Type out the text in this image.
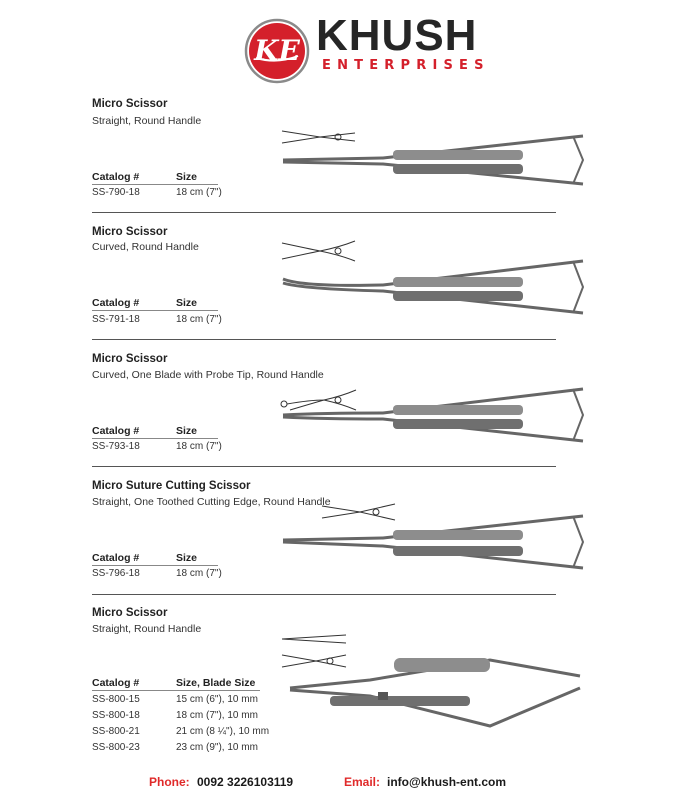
KE KHUSH
ENTERPRISES
Micro Scissor
Straight, Round Handle
Catalog #	Size
SS-790-18	18 cm (7")
Micro Scissor
Curved, Round Handle
Catalog #	Size
SS-791-18	18 cm (7")
Micro Scissor
Curved, One Blade with Probe Tip, Round Handle
Catalog #	Size
SS-793-18	18 cm (7")
Micro Suture Cutting Scissor
Straight, One Toothed Cutting Edge, Round Handle
Catalog #	Size
SS-796-18	18 cm (7")
Micro Scissor
Straight, Round Handle
Catalog #	Size, Blade Size
SS-800-15	15 cm (6"), 10 mm
SS-800-18	18 cm (7"), 10 mm
SS-800-21	21 cm (8 ¼"), 10 mm
SS-800-23	23 cm (9"), 10 mm
Phone: 0092 3226103119	Email: info@khush-ent.com
